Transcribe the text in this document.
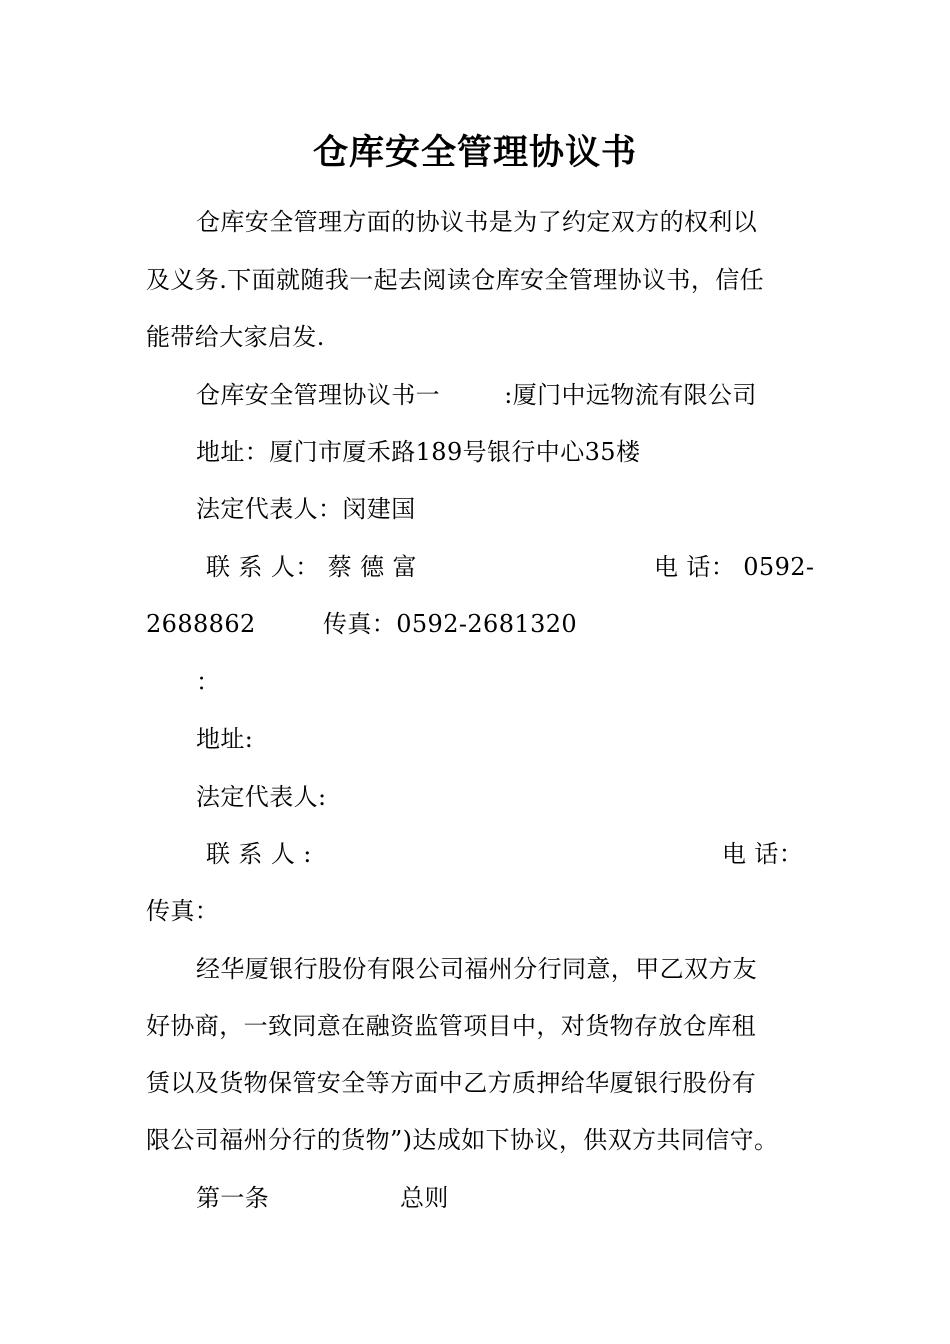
仓库安全管理协议书
仓库安全管理方面的协议书是为了约定双方的权利以
及义务.下面就随我一起去阅读仓库安全管理协议书，信任
能带给大家启发.
仓库安全管理协议书一        :厦门中远物流有限公司
地址：厦门市厦禾路189号银行中心35楼
法定代表人：闵建国
联 系 人： 蔡 德 富	电 话： 0592-
2688862	传真：0592-2681320
：
地址:
法定代表人:
联 系 人 :	电 话：
传真：
经华厦银行股份有限公司福州分行同意，甲乙双方友
好协商，一致同意在融资监管项目中，对货物存放仓库租
赁以及货物保管安全等方面中乙方质押给华厦银行股份有
限公司福州分行的货物”)达成如下协议，供双方共同信守。
第一条	总则
